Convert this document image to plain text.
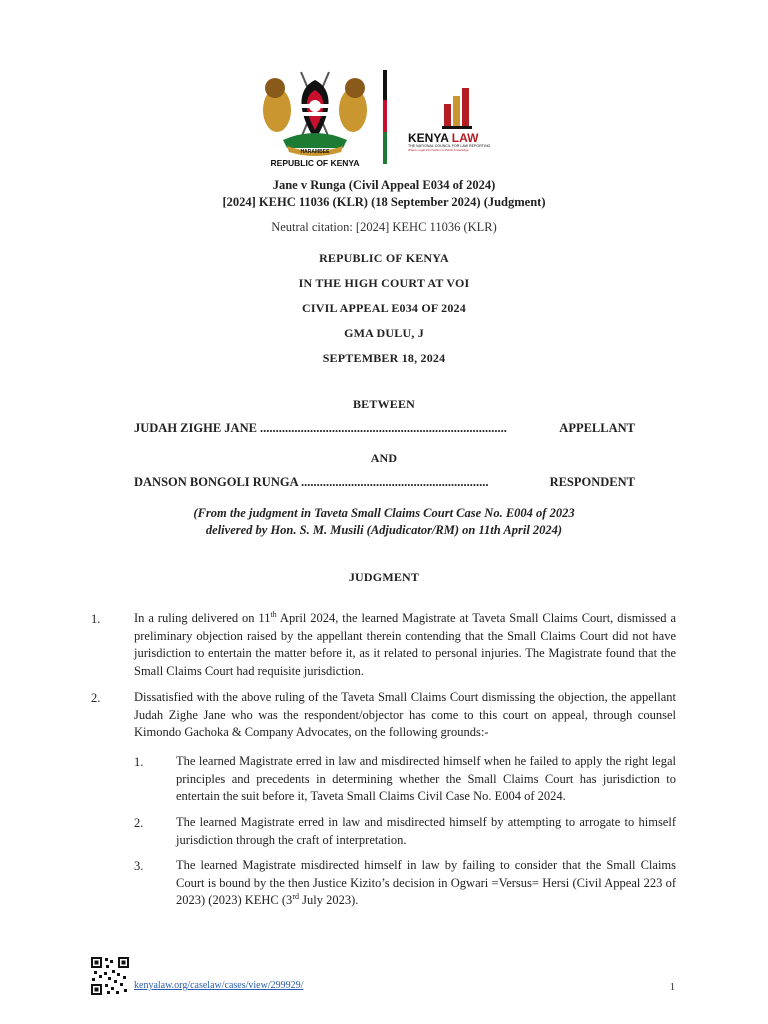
HARAMBEE
REPUBLIC OF KENYA
KENYA LAW
THE NATIONAL COUNCIL FOR LAW REPORTING
Where Legal Information is Public Knowledge
Jane v Runga (Civil Appeal E034 of 2024)
[2024] KEHC 11036 (KLR) (18 September 2024) (Judgment)
Neutral citation: [2024] KEHC 11036 (KLR)
REPUBLIC OF KENYA
IN THE HIGH COURT AT VOI
CIVIL APPEAL E034 OF 2024
GMA DULU, J
SEPTEMBER 18, 2024
BETWEEN
JUDAH ZIGHE JANE ...............................................................................	APPELLANT
AND
DANSON BONGOLI RUNGA ............................................................	RESPONDENT
(From the judgment in Taveta Small Claims Court Case No. E004 of 2023
delivered by Hon. S. M. Musili (Adjudicator/RM) on 11th April 2024)
JUDGMENT
1.	In a ruling delivered on 11th April 2024, the learned Magistrate at Taveta Small Claims Court, dismissed a preliminary objection raised by the appellant therein contending that the Small Claims Court did not have jurisdiction to entertain the matter before it, as it related to personal injuries. The Magistrate found that the Small Claims Court had requisite jurisdiction.
2.	Dissatisfied with the above ruling of the Taveta Small Claims Court dismissing the objection, the appellant Judah Zighe Jane who was the respondent/objector has come to this court on appeal, through counsel Kimondo Gachoka & Company Advocates, on the following grounds:-
1.	The learned Magistrate erred in law and misdirected himself when he failed to apply the right legal principles and precedents in determining whether the Small Claims Court has jurisdiction to entertain the suit before it, Taveta Small Claims Civil Case No. E004 of 2024.
2.	The learned Magistrate erred in law and misdirected himself by attempting to arrogate to himself jurisdiction through the craft of interpretation.
3.	The learned Magistrate misdirected himself in law by failing to consider that the Small Claims Court is bound by the then Justice Kizito’s decision in Ogwari =Versus= Hersi (Civil Appeal 223 of 2023) (2023) KEHC (3rd July 2023).
kenyalaw.org/caselaw/cases/view/299929/	1
